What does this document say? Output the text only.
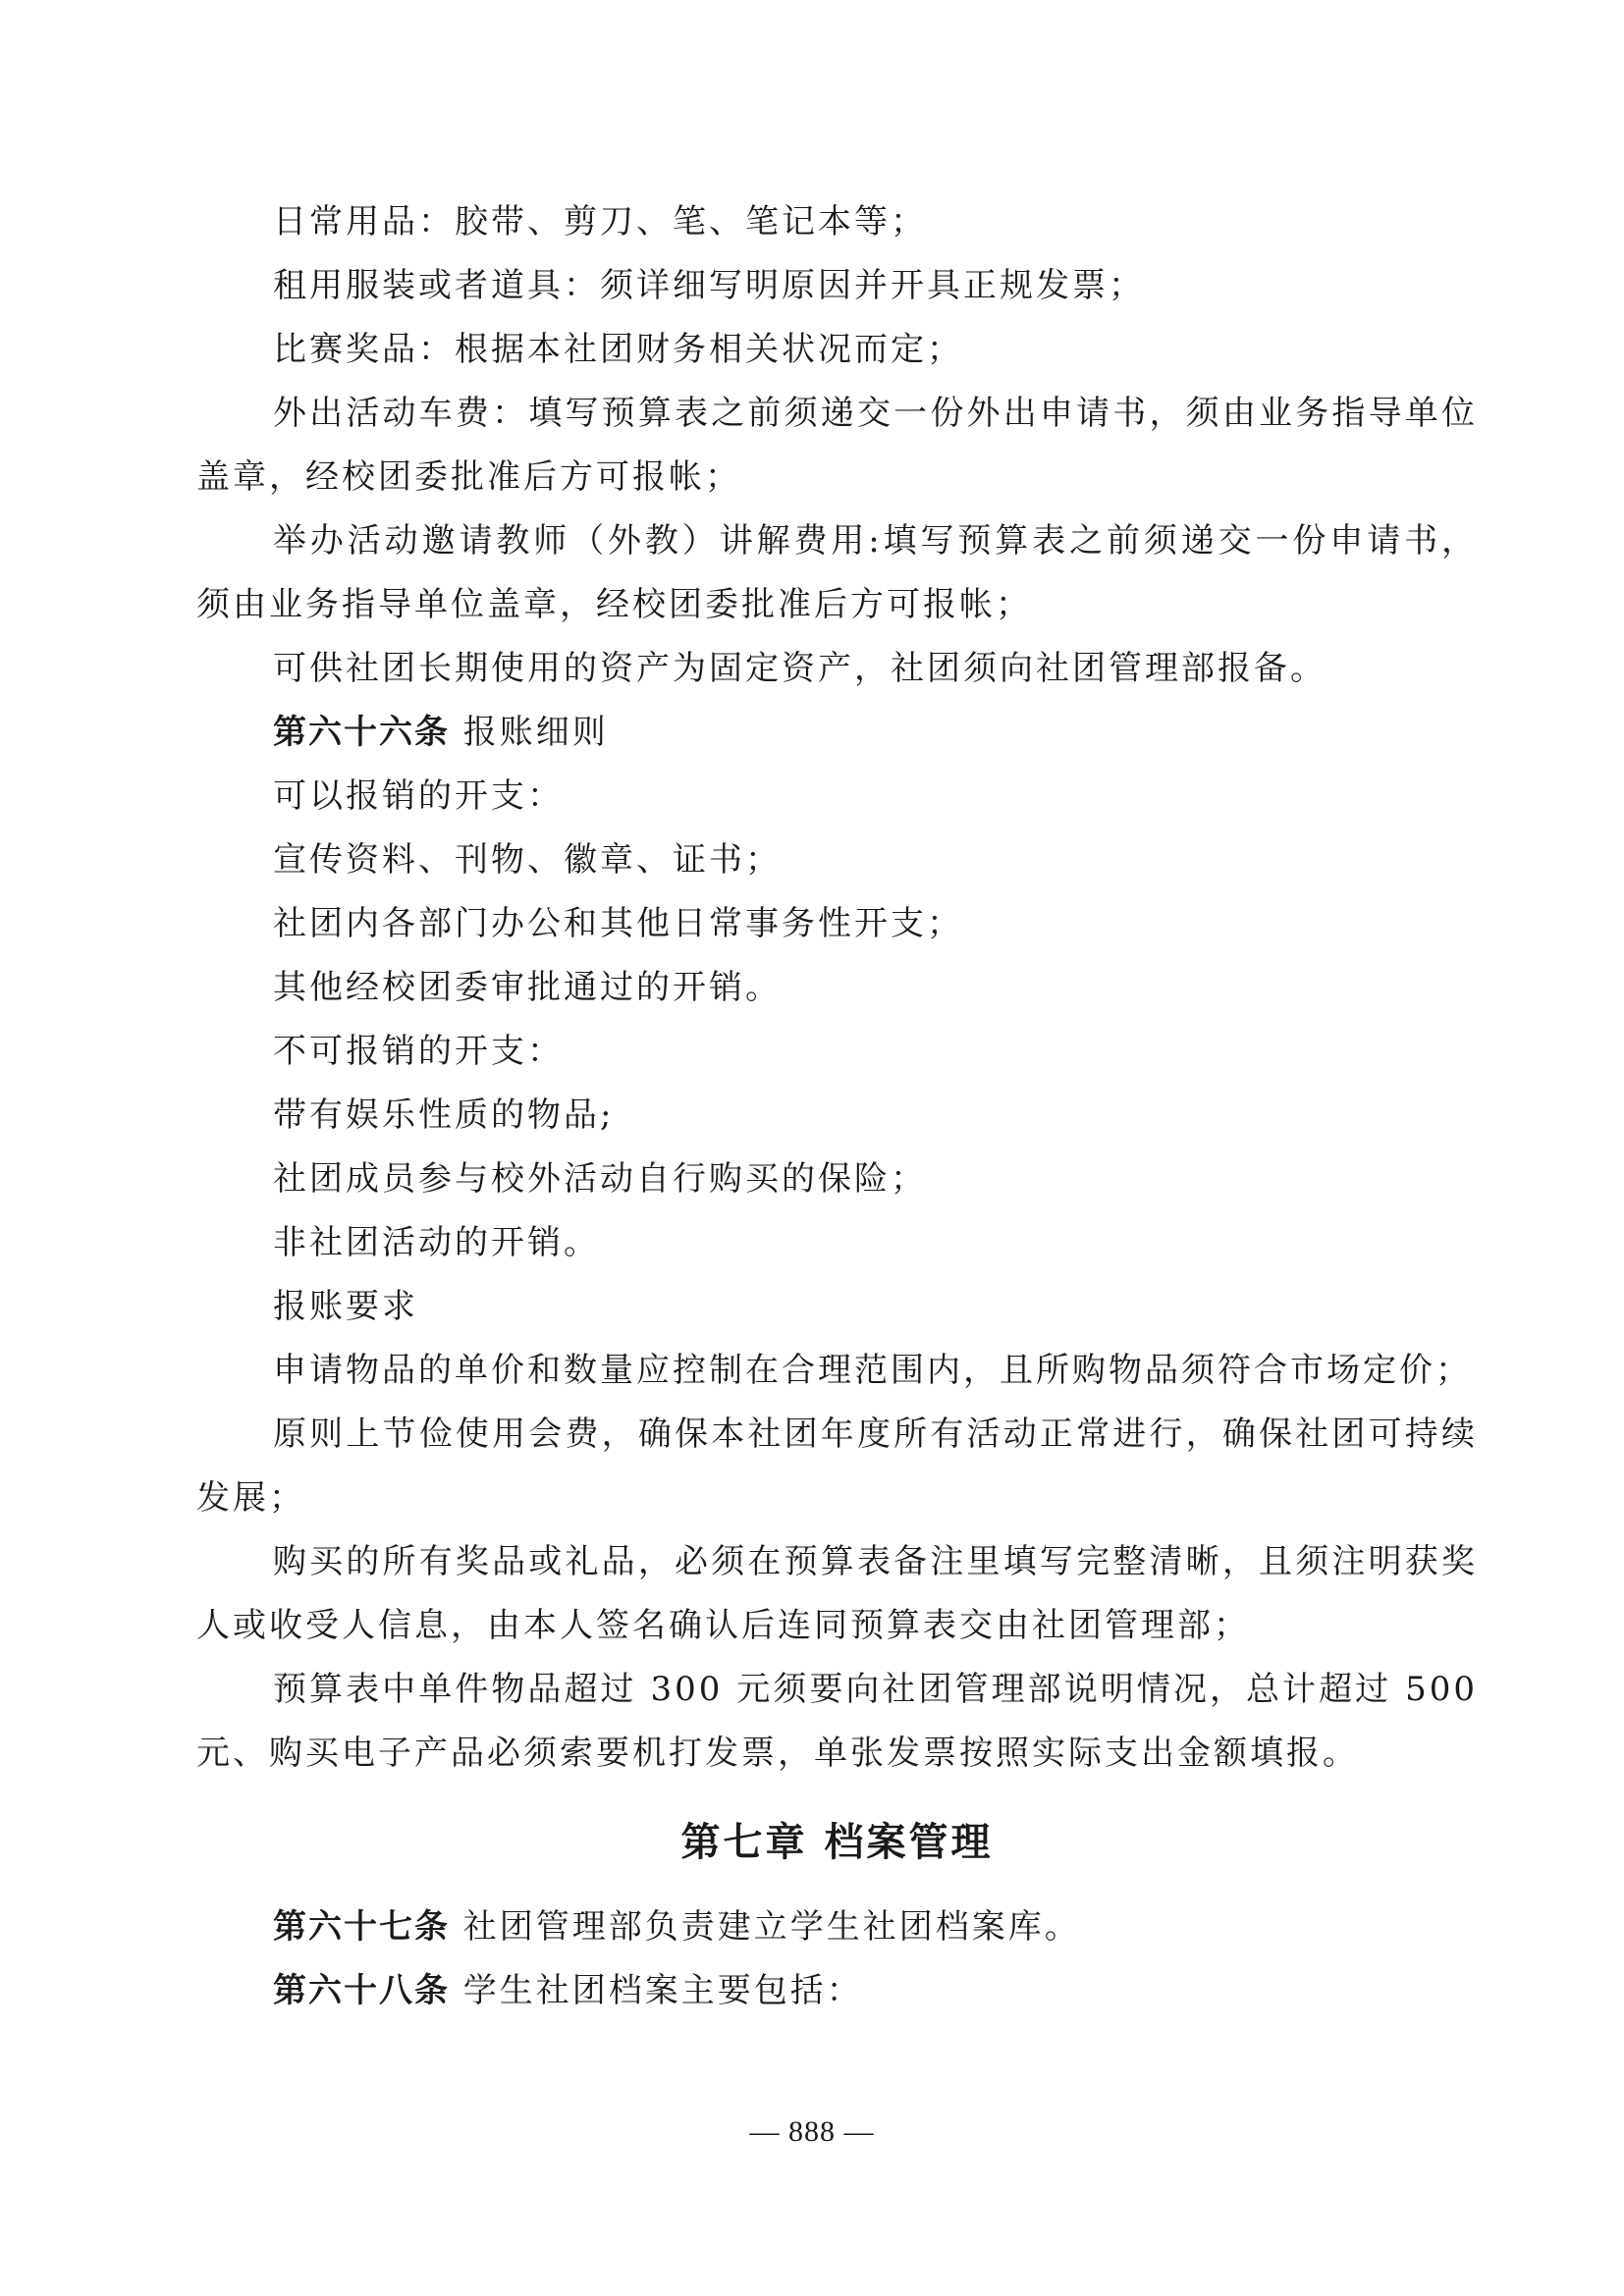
日常用品：胶带、剪刀、笔、笔记本等；

租用服装或者道具：须详细写明原因并开具正规发票；

比赛奖品：根据本社团财务相关状况而定；

外出活动车费：填写预算表之前须递交一份外出申请书，须由业务指导单位盖章，经校团委批准后方可报帐；

举办活动邀请教师（外教）讲解费用:填写预算表之前须递交一份申请书，须由业务指导单位盖章，经校团委批准后方可报帐；

可供社团长期使用的资产为固定资产，社团须向社团管理部报备。

第六十六条 报账细则

可以报销的开支：

宣传资料、刊物、徽章、证书；

社团内各部门办公和其他日常事务性开支；

其他经校团委审批通过的开销。

不可报销的开支：

带有娱乐性质的物品;

社团成员参与校外活动自行购买的保险；

非社团活动的开销。

报账要求

申请物品的单价和数量应控制在合理范围内，且所购物品须符合市场定价；

原则上节俭使用会费，确保本社团年度所有活动正常进行，确保社团可持续发展；

购买的所有奖品或礼品，必须在预算表备注里填写完整清晰，且须注明获奖人或收受人信息，由本人签名确认后连同预算表交由社团管理部；

预算表中单件物品超过 300 元须要向社团管理部说明情况，总计超过 500 元、购买电子产品必须索要机打发票，单张发票按照实际支出金额填报。

第七章 档案管理

第六十七条 社团管理部负责建立学生社团档案库。

第六十八条 学生社团档案主要包括：

— 888 —
